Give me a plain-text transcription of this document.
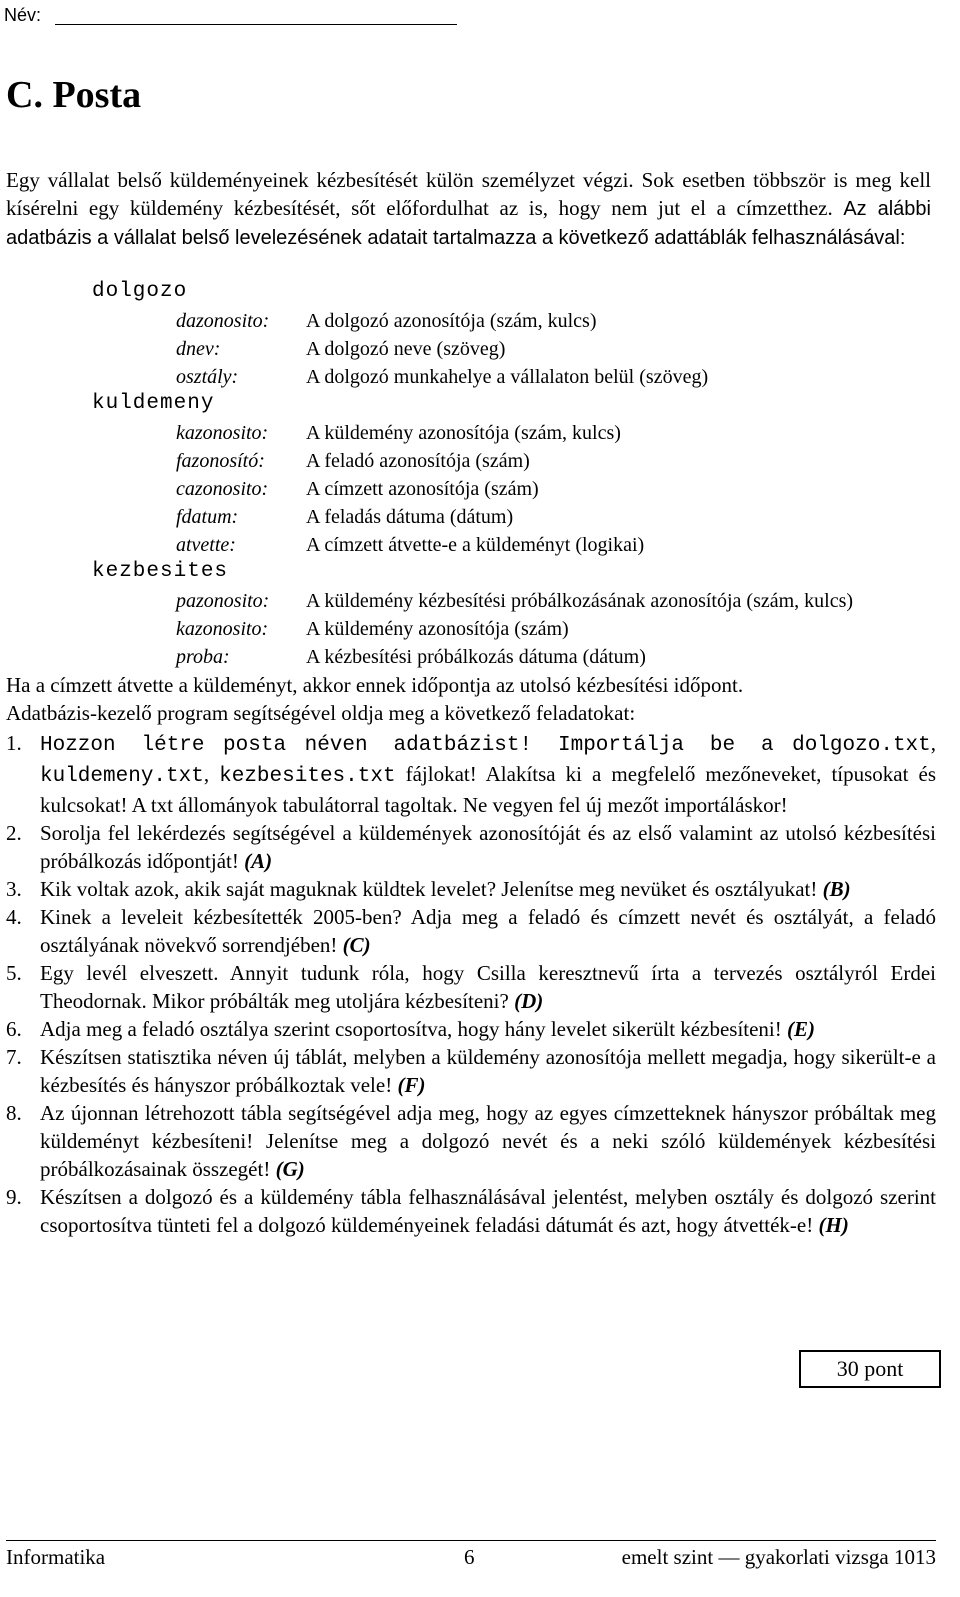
Név:
C. Posta
Egy vállalat belső küldeményeinek kézbesítését külön személyzet végzi. Sok esetben többször is meg kell kísérelni egy küldemény kézbesítését, sőt előfordulhat az is, hogy nem jut el a címzetthez. Az alábbi adatbázis a vállalat belső levelezésének adatait tartalmazza a következő adattáblák felhasználásával:
dolgozo
dazonosito: A dolgozó azonosítója (szám, kulcs)
dnev:	A dolgozó neve (szöveg)
osztály:	A dolgozó munkahelye a vállalaton belül (szöveg)
kuldemeny
kazonosito: A küldemény azonosítója (szám, kulcs)
fazonosító: A feladó azonosítója (szám)
cazonosito: A címzett azonosítója (szám)
fdatum:	A feladás dátuma (dátum)
atvette:	A címzett átvette-e a küldeményt (logikai)
kezbesites
pazonosito: A küldemény kézbesítési próbálkozásának azonosítója (szám, kulcs)
kazonosito: A küldemény azonosítója (szám)
proba:	A kézbesítési próbálkozás dátuma (dátum)
Ha a címzett átvette a küldeményt, akkor ennek időpontja az utolsó kézbesítési időpont.
Adatbázis-kezelő program segítségével oldja meg a következő feladatokat:
1. Hozzon létre posta néven adatbázist! Importálja be a dolgozo.txt, kuldemeny.txt, kezbesites.txt fájlokat! Alakítsa ki a megfelelő mezőneveket, típusokat és kulcsokat! A txt állományok tabulátorral tagoltak. Ne vegyen fel új mezőt importáláskor!
2. Sorolja fel lekérdezés segítségével a küldemények azonosítóját és az első valamint az utolsó kézbesítési próbálkozás időpontját! (A)
3. Kik voltak azok, akik saját maguknak küldtek levelet? Jelenítse meg nevüket és osztályukat! (B)
4. Kinek a leveleit kézbesítették 2005-ben? Adja meg a feladó és címzett nevét és osztályát, a feladó osztályának növekvő sorrendjében! (C)
5. Egy levél elveszett. Annyit tudunk róla, hogy Csilla keresztnevű írta a tervezés osztályról Erdei Theodornak. Mikor próbálták meg utoljára kézbesíteni? (D)
6. Adja meg a feladó osztálya szerint csoportosítva, hogy hány levelet sikerült kézbesíteni! (E)
7. Készítsen statisztika néven új táblát, melyben a küldemény azonosítója mellett megadja, hogy sikerült-e a kézbesítés és hányszor próbálkoztak vele! (F)
8. Az újonnan létrehozott tábla segítségével adja meg, hogy az egyes címzetteknek hányszor próbáltak meg küldeményt kézbesíteni! Jelenítse meg a dolgozó nevét és a neki szóló küldemények kézbesítési próbálkozásainak összegét! (G)
9. Készítsen a dolgozó és a küldemény tábla felhasználásával jelentést, melyben osztály és dolgozó szerint csoportosítva tünteti fel a dolgozó küldeményeinek feladási dátumát és azt, hogy átvették-e! (H)
30 pont
Informatika	6	emelt szint — gyakorlati vizsga 1013
